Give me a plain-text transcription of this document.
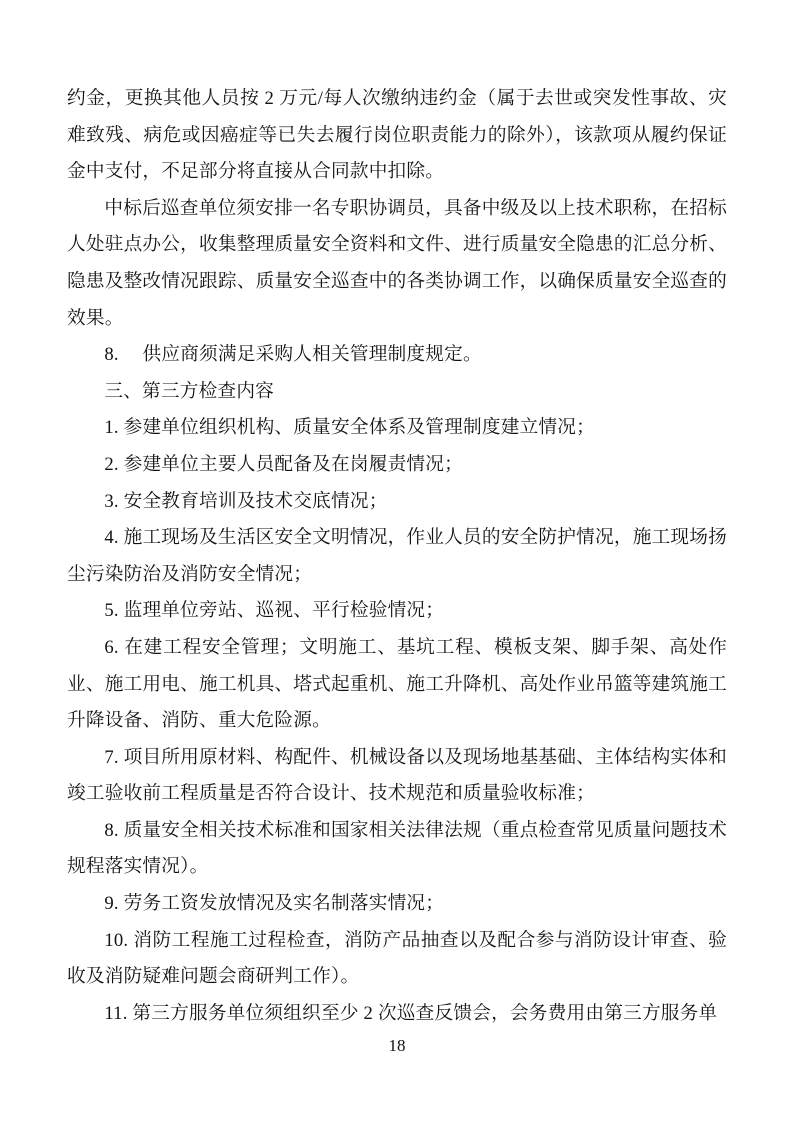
约金，更换其他人员按 2 万元/每人次缴纳违约金（属于去世或突发性事故、灾难致残、病危或因癌症等已失去履行岗位职责能力的除外），该款项从履约保证金中支付，不足部分将直接从合同款中扣除。

中标后巡查单位须安排一名专职协调员，具备中级及以上技术职称，在招标人处驻点办公，收集整理质量安全资料和文件、进行质量安全隐患的汇总分析、隐患及整改情况跟踪、质量安全巡查中的各类协调工作，以确保质量安全巡查的效果。

8.　 供应商须满足采购人相关管理制度规定。

三、第三方检查内容

1. 参建单位组织机构、质量安全体系及管理制度建立情况；

2. 参建单位主要人员配备及在岗履责情况；

3. 安全教育培训及技术交底情况；

4. 施工现场及生活区安全文明情况，作业人员的安全防护情况，施工现场扬尘污染防治及消防安全情况；

5. 监理单位旁站、巡视、平行检验情况；

6. 在建工程安全管理；文明施工、基坑工程、模板支架、脚手架、高处作业、施工用电、施工机具、塔式起重机、施工升降机、高处作业吊篮等建筑施工升降设备、消防、重大危险源。

7. 项目所用原材料、构配件、机械设备以及现场地基基础、主体结构实体和竣工验收前工程质量是否符合设计、技术规范和质量验收标准；

8. 质量安全相关技术标准和国家相关法律法规（重点检查常见质量问题技术规程落实情况）。

9. 劳务工资发放情况及实名制落实情况；

10. 消防工程施工过程检查，消防产品抽查以及配合参与消防设计审查、验收及消防疑难问题会商研判工作）。

11. 第三方服务单位须组织至少 2 次巡查反馈会，会务费用由第三方服务单

18
